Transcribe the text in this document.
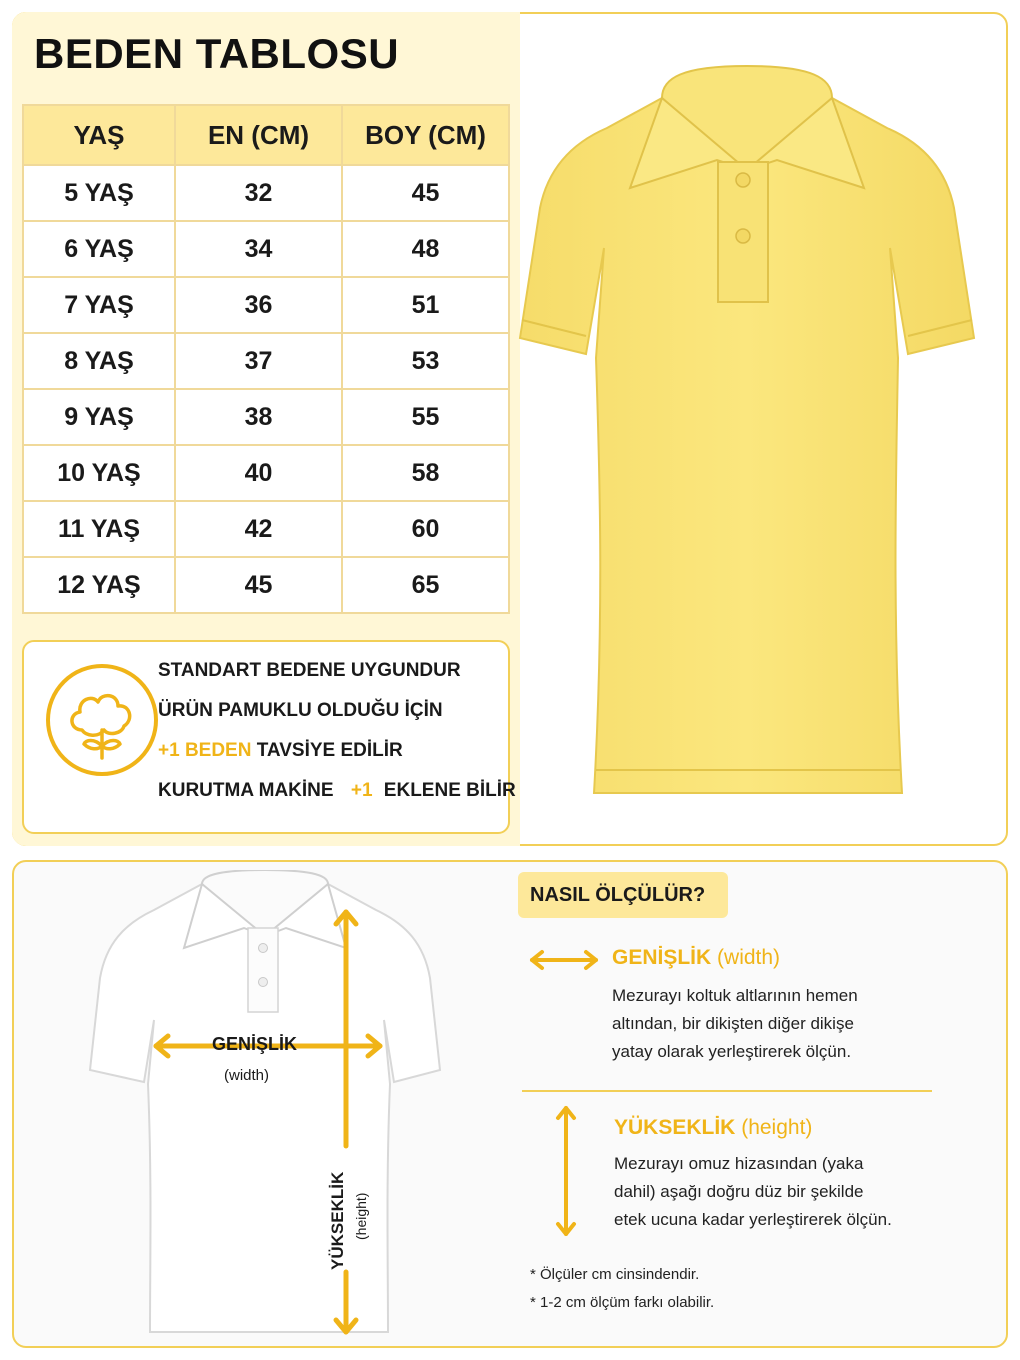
BEDEN TABLOSU
YAŞ	EN (CM)	BOY (CM)
5 YAŞ	32	45
6 YAŞ	34	48
7 YAŞ	36	51
8 YAŞ	37	53
9 YAŞ	38	55
10 YAŞ	40	58
11 YAŞ	42	60
12 YAŞ	45	65
STANDART BEDENE UYGUNDUR
ÜRÜN PAMUKLU OLDUĞU İÇİN
+1 BEDEN TAVSİYE EDİLİR
KURUTMA MAKİNE +1 EKLENE BİLİR
GENİŞLİK
(width)
YÜKSEKLİK (height)
NASIL ÖLÇÜLÜR?
GENİŞLİK (width)
Mezurayı koltuk altlarının hemen
altından, bir dikişten diğer dikişe
yatay olarak yerleştirerek ölçün.
YÜKSEKLİK (height)
Mezurayı omuz hizasından (yaka
dahil) aşağı doğru düz bir şekilde
etek ucuna kadar yerleştirerek ölçün.
* Ölçüler cm cinsindendir.
* 1-2 cm ölçüm farkı olabilir.
